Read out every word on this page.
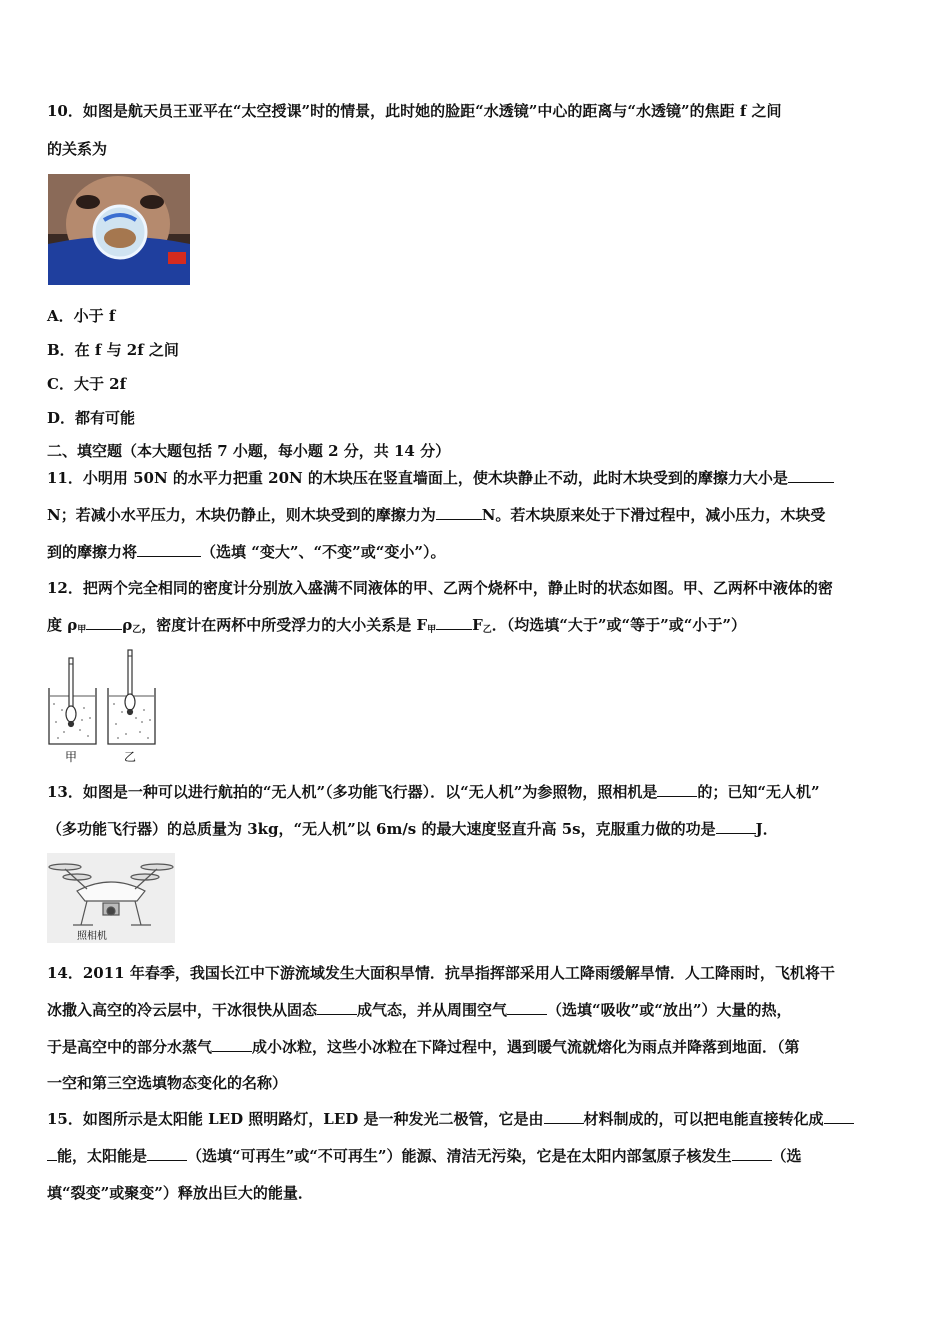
10．如图是航天员王亚平在“太空授课”时的情景，此时她的脸距“水透镜”中心的距离与“水透镜”的焦距 f 之间
的关系为
A．小于 f
B．在 f 与 2f 之间
C．大于 2f
D．都有可能
二、填空题（本大题包括 7 小题，每小题 2 分，共 14 分）
11．小明用 50N 的水平力把重 20N 的木块压在竖直墙面上，使木块静止不动，此时木块受到的摩擦力大小是
N；若减小水平压力，木块仍静止，则木块受到的摩擦力为	N。若木块原来处于下滑过程中，减小压力，木块受
到的摩擦力将	（选填 “变大”、“不变”或“变小”）。
12．把两个完全相同的密度计分别放入盛满不同液体的甲、乙两个烧杯中，静止时的状态如图。甲、乙两杯中液体的密
度 $\rho_甲$ $\rho_乙$，密度计在两杯中所受浮力的大小关系是 $F_甲$ $F_乙$．（均选填“大于”或“等于”或“小于”）
甲	乙
13．如图是一种可以进行航拍的“无人机”（多功能飞行器）．以“无人机”为参照物，照相机是	的；已知“无人机”
（多功能飞行器）的总质量为 3kg，“无人机”以 6m/s 的最大速度竖直升高 5s，克服重力做的功是	J．
照相机
14．2011 年春季，我国长江中下游流域发生大面积旱情．抗旱指挥部采用人工降雨缓解旱情．人工降雨时，飞机将干
冰撒入高空的冷云层中，干冰很快从固态	成气态，并从周围空气	（选填“吸收”或“放出”）大量的热，
于是高空中的部分水蒸气	成小冰粒，这些小冰粒在下降过程中，遇到暖气流就熔化为雨点并降落到地面．（第
一空和第三空选填物态变化的名称）
15．如图所示是太阳能 LED 照明路灯，LED 是一种发光二极管，它是由	材料制成的，可以把电能直接转化成
能，太阳能是	（选填“可再生”或“不可再生”）能源、清洁无污染，它是在太阳内部氢原子核发生	（选
填“裂变”或聚变”）释放出巨大的能量．
